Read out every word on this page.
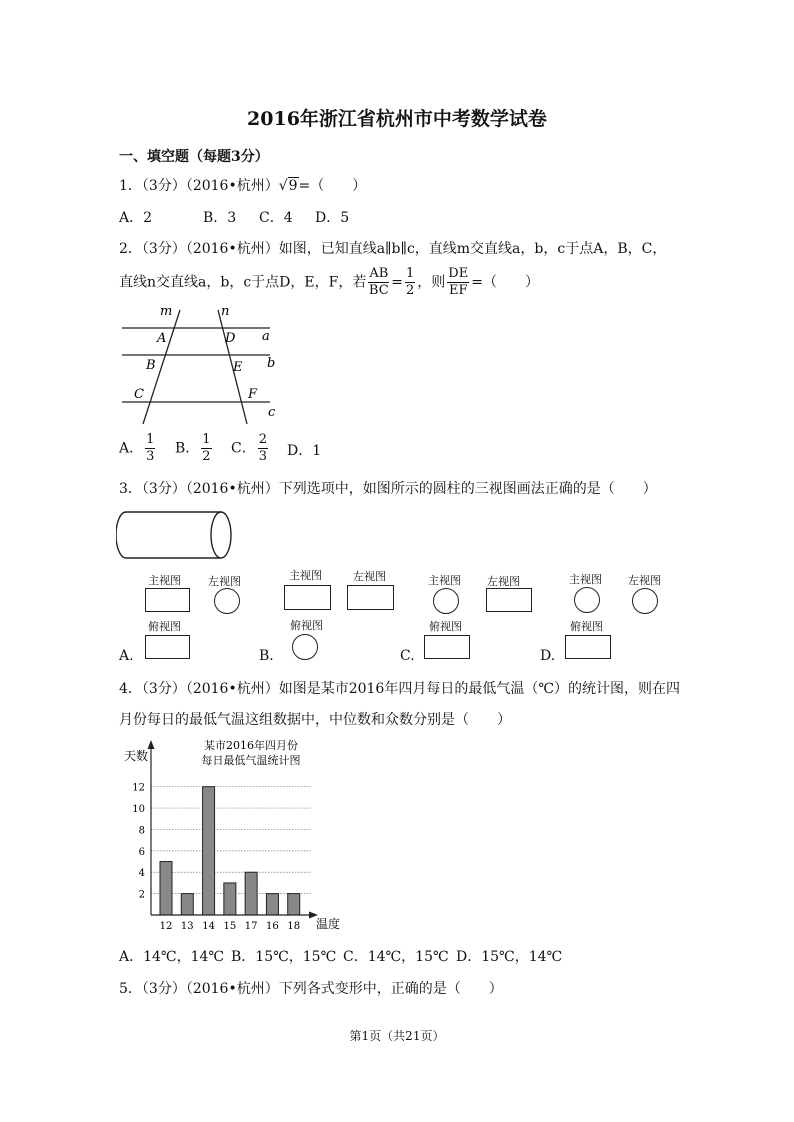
2016年浙江省杭州市中考数学试卷
一、填空题（每题3分）
1．（3分）（2016•杭州）√9=（　　）
A．2	B．3 C．4 D．5
2．（3分）（2016•杭州）如图，已知直线a∥b∥c，直线m交直线a，b，c于点A，B，C，
直线n交直线a，b，c于点D，E，F，若 $\frac{AB}{BC} = \frac{1}{2}$ ，则 $\frac{DE}{EF}$ =（　　）
m	n
a
b
c
A	D
B	E
C	F
A． $\frac{1}{3}$ B． $\frac{1}{2}$ C． $\frac{2}{3}$ D．1
3．（3分）（2016•杭州）下列选项中，如图所示的圆柱的三视图画法正确的是（　　）
主视图 左视图
俯视图
A.
主视图	左视图
俯视图
B.
主视图 左视图
俯视图
C.
主视图 左视图
俯视图
D.
4．（3分）（2016•杭州）如图是某市2016年四月每日的最低气温（℃）的统计图，则在四
月份每日的最低气温这组数据中，中位数和众数分别是（　　）
天数
某市2016年四月份
每日最低气温统计图
温度
2
4
6
8
10
12
12 13 14 15 17 16 18
A．14℃，14℃ B．15℃，15℃ C．14℃，15℃ D．15℃，14℃
5．（3分）（2016•杭州）下列各式变形中，正确的是（　　）
第1页（共21页）
